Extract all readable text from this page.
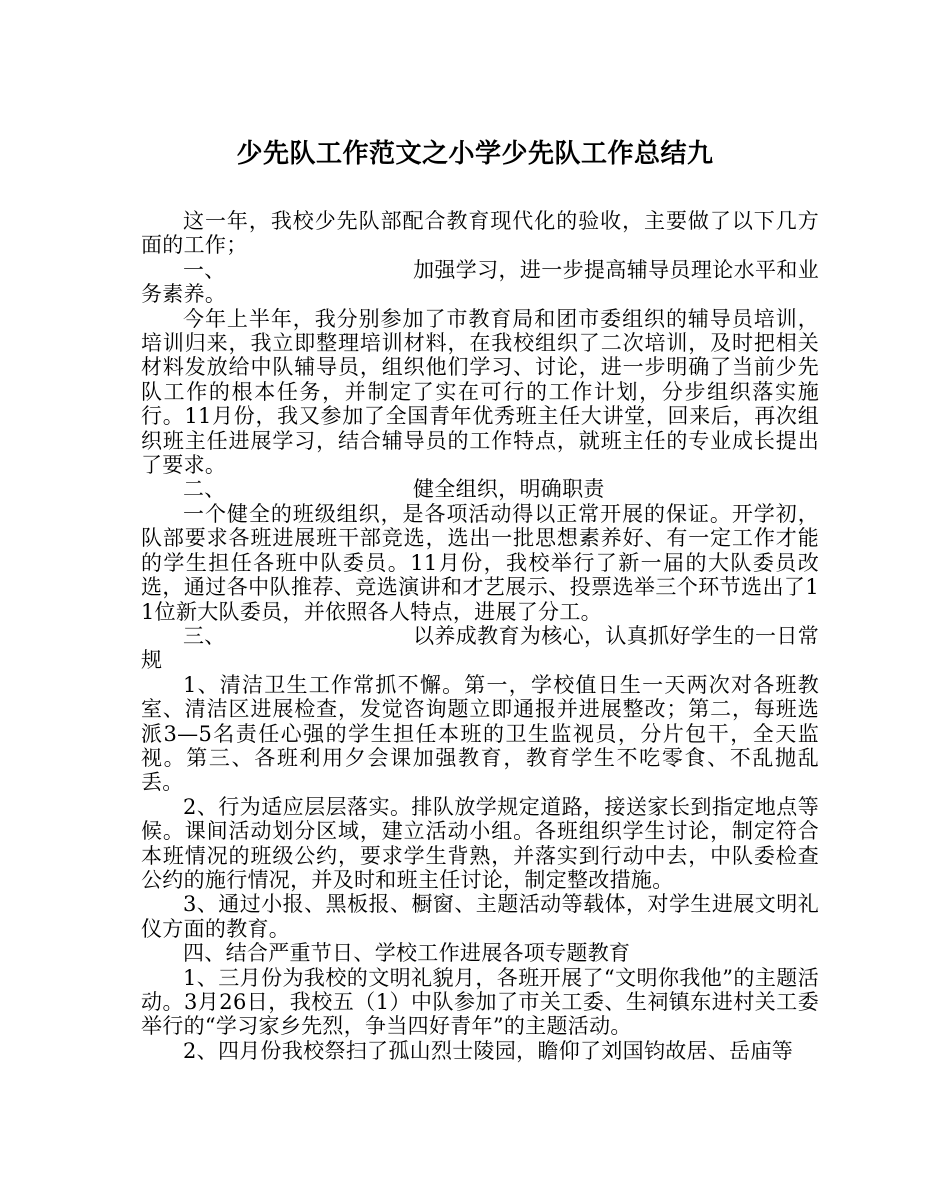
少先队工作范文之小学少先队工作总结九

这一年，我校少先队部配合教育现代化的验收，主要做了以下几方面的工作；

一、	加强学习，进一步提高辅导员理论水平和业务素养。

今年上半年，我分别参加了市教育局和团市委组织的辅导员培训，培训归来，我立即整理培训材料，在我校组织了二次培训，及时把相关材料发放给中队辅导员，组织他们学习、讨论，进一步明确了当前少先队工作的根本任务，并制定了实在可行的工作计划，分步组织落实施行。11月份，我又参加了全国青年优秀班主任大讲堂，回来后，再次组织班主任进展学习，结合辅导员的工作特点，就班主任的专业成长提出了要求。

二、	健全组织，明确职责

一个健全的班级组织，是各项活动得以正常开展的保证。开学初，队部要求各班进展班干部竞选，选出一批思想素养好、有一定工作才能的学生担任各班中队委员。11月份，我校举行了新一届的大队委员改选，通过各中队推荐、竞选演讲和才艺展示、投票选举三个环节选出了11位新大队委员，并依照各人特点，进展了分工。

三、	以养成教育为核心，认真抓好学生的一日常规

1、清洁卫生工作常抓不懈。第一，学校值日生一天两次对各班教室、清洁区进展检查，发觉咨询题立即通报并进展整改；第二，每班选派3—5名责任心强的学生担任本班的卫生监视员，分片包干，全天监视。第三、各班利用夕会课加强教育，教育学生不吃零食、不乱抛乱丢。

2、行为适应层层落实。排队放学规定道路，接送家长到指定地点等候。课间活动划分区域，建立活动小组。各班组织学生讨论，制定符合本班情况的班级公约，要求学生背熟，并落实到行动中去，中队委检查公约的施行情况，并及时和班主任讨论，制定整改措施。

3、通过小报、黑板报、橱窗、主题活动等载体，对学生进展文明礼仪方面的教育。

四、结合严重节日、学校工作进展各项专题教育

1、三月份为我校的文明礼貌月，各班开展了“文明你我他”的主题活动。3月26日，我校五（1）中队参加了市关工委、生祠镇东进村关工委举行的“学习家乡先烈，争当四好青年”的主题活动。

2、四月份我校祭扫了孤山烈士陵园，瞻仰了刘国钧故居、岳庙等
